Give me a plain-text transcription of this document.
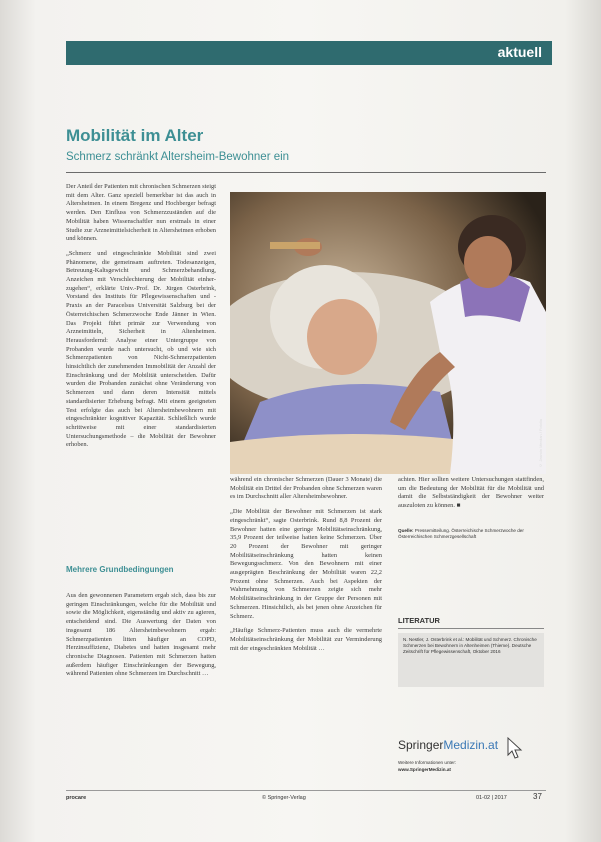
aktuell
Mobilität im Alter
Schmerz schränkt Altersheim-Bewohner ein

Der Anteil der Patienten mit chronischen Schmerzen steigt mit dem Alter. Ganz speziell bemerkbar ist das auch in Altersheimen. In einem Bregenz und Hochberger befragt werden. Den Einfluss von Schmerzzuständen auf die Mobilität haben Wissenschaftler nun erstmals in einer Studie zur Arzneimittelsicherheit in Altersheimen erhoben und können.

„Schmerz und eingeschränkte Mobilität sind zwei Phänomene, die gemeinsam auftreten. Todesanzeigen, Betreuung-Kaltsgewicht und Schmerzbehandlung, Anzeichen mit Verschlechterung der Mobilität einher-zugehen“, erklärte Univ.-Prof. Dr. Jürgen Osterbrink, Vorstand des Instituts für Pflegewissenschaften und -Praxis an der Paracelsus Universität Salzburg bei der Österreichischen Schmerzwoche Ende Jänner in Wien. Das Projekt führt primär zur Verwendung von Arzneimitteln, Sicherheit in Altenheimen. Herausfordernd: Analyse einer Untergruppe von Probanden wurde nach untersucht, ob und wie sich Schmerzpatienten von Nicht-Schmerzpatienten hinsichtlich der zunehmenden Immobilität der Anzahl der Einschränkung und der Mobilität unterscheiden. Dafür wurden die Probanden zunächst ohne Veränderung von Schmerzen und dann deren Intensität mittels standardisierter Erhebung befragt. Mit einem geeigneten Test erfolgte das auch bei Altersheimbewohnern mit eingeschränkter kognitiver Kapazität. Schließlich wurde schrittweise mit einer standardisierten Untersuchungsmethode – die Mobilität der Bewohner erhoben.

Mehrere Grundbedingungen

Aus den gewonnenen Parametern ergab sich, dass bis zur geringen Einschränkungen, welche für die Mobilität und sowie die Möglichkeit, eigenständig und aktiv zu agieren, entscheidend sind. Die Auswertung der Daten von insgesamt 186 Altersheimbewohnern ergab: Schmerzpatienten litten häufiger an COPD, Herzinsuffizienz, Diabetes und hatten insgesamt mehr chronische Diagnosen. Patienten mit Schmerzen hatten außerdem häufiger Einschränkungen der Bewegung, während Patienten ohne Schmerzen im Durchschnitt …

© Jasmin Merdan / Fotolia

während ein chronischer Schmerzen (Dauer 3 Monate) die Mobilität ein Drittel der Probanden ohne Schmerzen waren es im Durchschnitt aller Altersheimbewohner.

„Die Mobilität der Bewohner mit Schmerzen ist stark eingeschränkt“, sagte Osterbrink. Rund 8,8 Prozent der Bewohner hatten eine geringe Mobilitätseinschränkung, 35,9 Prozent der teilweise hatten keine Schmerzen. Über 20 Prozent der Bewohner mit geringer Mobilitätseinschränkung hatten keinen Bewegungsschmerz. Von den Bewohnern mit einer ausgeprägten Beschränkung der Mobilität waren 22,2 Prozent ohne Schmerzen. Auch bei Aspekten der Wahrnehmung von Schmerzen zeigte sich mehr Mobilitätseinschränkung in der Gruppe der Personen mit Schmerzen. Hinsichtlich, als bei jenen ohne Anzeichen für Schmerz.

„Häufige Schmerz-Patienten muss auch die vermehrte Mobilitätseinschränkung der Mobilität zur Verminderung mit der eingeschränkten Mobilität …

achten. Hier sollten weitere Untersuchungen stattfinden, um die Bedeutung der Mobilität für die Mobilität und damit die Selbstständigkeit der Bewohner weiter auszuloten zu können. ■

Quelle: Pressemitteilung. Österreichische Schmerzwoche der Österreichischen Schmerzgesellschaft
LITERATUR
N. Nestler, J. Osterbrink et al.: Mobilität und Schmerz. Chronische Schmerzen bei Bewohnern in Altenheimen (Thieme). Deutsche Zeitschrift für Pflegewissenschaft, Oktober 2016
SpringerMedizin.at
Weitere Informationen unter:
www.SpringerMedizin.at
procare	© Springer-Verlag	01-02 | 2017	37
